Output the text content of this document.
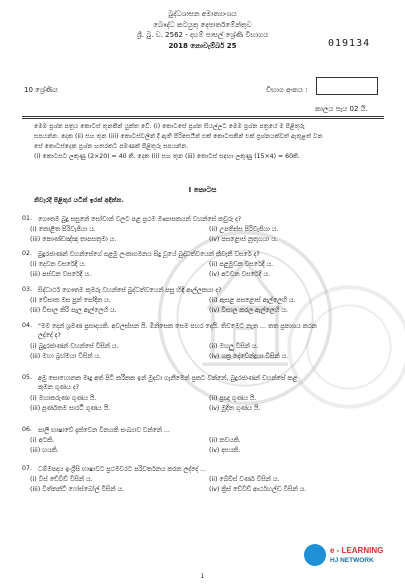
බුද්ධශාසන අමාත්‍යාංශය
බෞද්ධ කටයුතු දෙපාර්තමේන්තුව
ශ්‍රී. බු. ව. 2562 - දහම් පාසල් ශ්‍රේණි විභාගය
2018 නොවැම්බර් 25	019134
10 ශ්‍රේණිය	විභාග අංකය :
කාලය පැය 02 යි.
මෙම ප්‍රශ්න පත්‍රය කොටස් තුනකින් යුක්ත වේ. (i) කොටසේ ප්‍රශ්න සියල්ලට මෙම ප්‍රශ්න පත්‍රයේ ම පිළිතුරු
සපයන්න. දෙක (ii) සහ තුන (iii) කොටස්වලින් දී ඇති පිරිසෙයින් එක් කොටසකින් එක් ප්‍රශ්නයක්වත් ඇතුළත් වන
සේ කොටස්දෙක ප්‍රශ්න හතරකට පමණක් පිළිතුරු සපයන්න.
(i) කොටසට ලකුණු (2×20) = 40 කි. දෙක (ii) සහ තුන (iii) කොටස් සඳහා ලකුණු (15×4) = 60කි.
I කොටස
නිවැරදි පිළිතුර යටින් ඉරක් අඳින්න.
01. ගෞතම බුදු සසුනේ සෝවාන් වලට පළ ප්‍රථම ඖපාසකයන් වහන්සේ කවුරු ද?
(i) කොළිත පිරිවැජියා ය.	(ii) උපතිස්ස පිරිවැජියා ය.
(iii) කොණ්ඩඤ්ඤ තාපසතුමා ය.	(iv) පසළොස් නූතුගයා ය.
02. බුදුරජාණන් වහන්සේගේ පළමු ලංකාගමනය සිදු වූයේ බුද්ධත්වයෙන් කීවැනි වසරේ ද?
(i) දෙවන වසරේදී ය.	(ii) පළමුවන වසරේදී ය.
(iii) පස්වන වසරේදී ය.	(iv) අටවන වසරේදී ය.
03. සිද්ධාර්ථ ගෞතම කුමරු වහන්සේ බුද්ධත්වයෙන් පසු හිඳි ආල්ලකයා ද?
(i) වේසාක මස පුන් පෝදින ය.	(ii) ඇසළ පසළොස් ඇල්ලෙහි ය.
(iii) විසාල කිරි පෑල ඇල්ලෙහි ය.	(iv) විසාල කරල ඇල්ලෙහි ය.
04. "මම දෙන් ශ්‍රමණ ප්‍රසාදයකි. අවලස්සන යි. මිනිසෙක සෙම පහර දෙයි. තිවමෙට නැත ... තත ප්‍රකාශය කරන
ලද්දේ ද?
(i) බුදුරජාණන් වහන්සේ විසින් ය.	(ii) මහලු විසින් ය.
(iii) මහා බ්‍රහ්මයා විසින් ය.	(iv) ශක්‍ර දේවේන්ද්‍රයා විසින් ය.
05. අමු සොහොනක මෘදු අත් පිටි කරීකක ඉන් මුදවා ගැනීමෙන් ප්‍රකට වන්නේ, බුදුරජාණන් වහන්සේ කළ
කුමන ගුණය ද?
(i) මහාකරුණා ගුණය යි.	(ii) ප්‍රඥා ගුණය යි.
(iii) පූර්ණතම සාරථී ගුණය යි.	(iv) මුදිත ගුණය යි.
06. පාලි භාෂාවේ දැක්වෙන විනයකි සංඛ්‍යාව වන්නේ ...
(i) අටකි.	(ii) නවයකි.
(iii) හයකි.	(iv) දසයකි.
07. ධම්මපදය ඉංග්‍රීසි භාෂාවට ප්‍රථමවරට පරිවර්තනය කරන ලද්දේ ...
(i) විස් ඩේවිඩ් විසින් ය.	(ii) බේච්ස් වර්ණ විසින් ය.
(iii) විත්තන්ට් ෆෝස්බෝල් විසින් ය.	(iv) ක්‍රිස් ඩේවිඩ් ආර්ථහල්ඩ විසින් ය.
e - LEARNING
HJ NETWORK
1
